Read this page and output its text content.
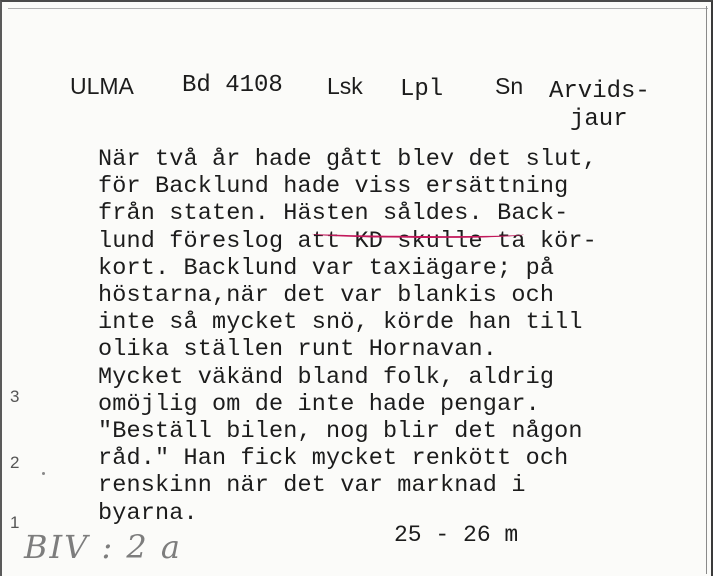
ULMA Bd 4108 Lsk Lpl Sn Arvids-
jaur
När två år hade gått blev det slut,
för Backlund hade viss ersättning
från staten. Hästen såldes. Back-
lund föreslog att KD skulle ta kör-
kort. Backlund var taxiägare; på
höstarna,när det var blankis och
inte så mycket snö, körde han till
olika ställen runt Hornavan.
Mycket väkänd bland folk, aldrig
omöjlig om de inte hade pengar.
"Beställ bilen, nog blir det någon
råd." Han fick mycket renkött och
renskinn när det var marknad i
byarna.
25 - 26 m
3
2
1
BIV : 2 a
